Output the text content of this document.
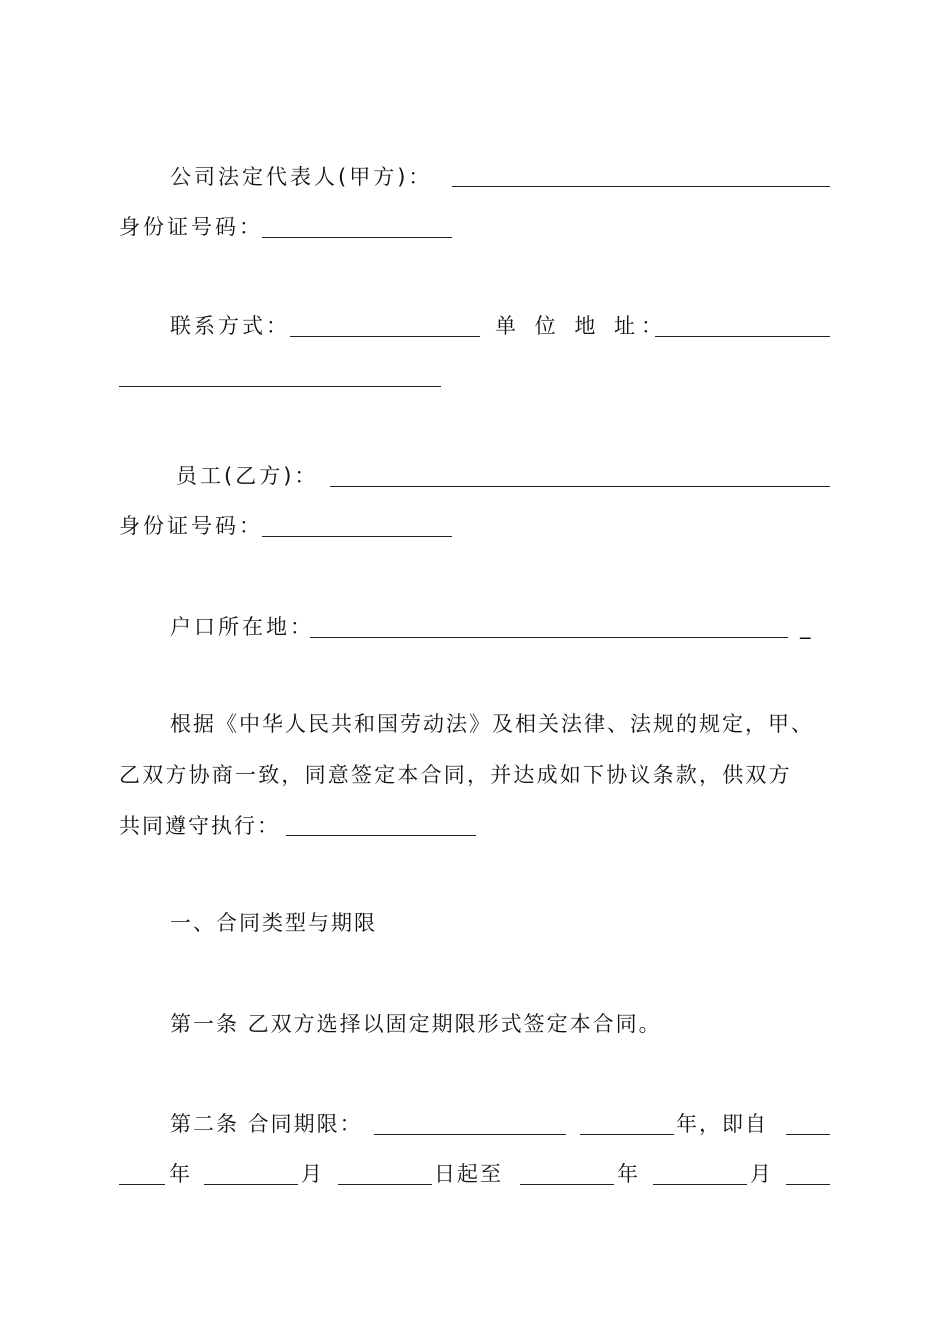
公司法定代表人(甲方)：
身份证号码：
联系方式：	单 位 地 址：
员工(乙方)：
身份证号码：
户口所在地：	_
根据《中华人民共和国劳动法》及相关法律、法规的规定，甲、
乙双方协商一致，同意签定本合同，并达成如下协议条款，供双方
共同遵守执行：
一、合同类型与期限
第一条 乙双方选择以固定期限形式签定本合同。
第二条 合同期限：	年，即自
年	月	日起至	年	月
